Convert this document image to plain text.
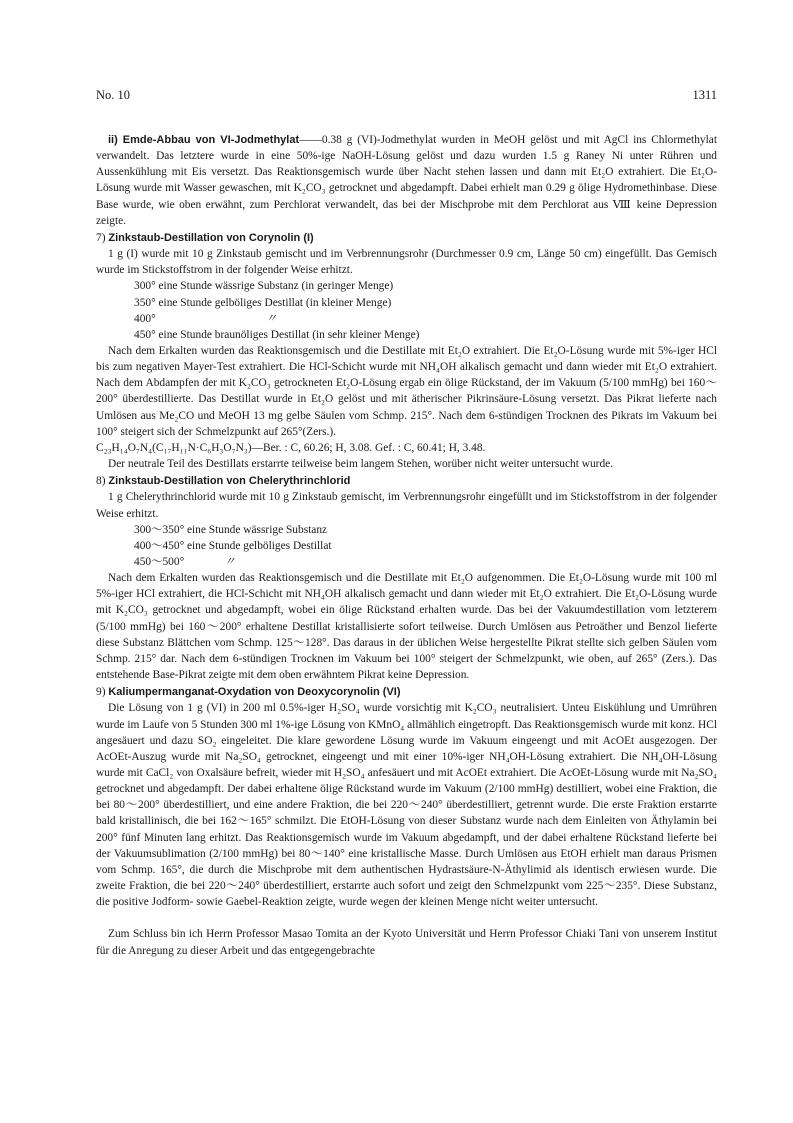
No. 10	1311

ii) Emde-Abbau von VI-Jodmethylat——0.38 g (VI)-Jodmethylat wurden in MeOH gelöst und mit AgCl ins Chlormethylat verwandelt. Das letztere wurde in eine 50%-ige NaOH-Lösung gelöst und dazu wurden 1.5 g Raney Ni unter Rühren und Aussenkühlung mit Eis versetzt. Das Reaktionsgemisch wurde über Nacht stehen lassen und dann mit Et₂O extrahiert. Die Et₂O-Lösung wurde mit Wasser gewaschen, mit K₂CO₃ getrocknet und abgedampft. Dabei erhielt man 0.29 g ölige Hydromethinbase. Diese Base wurde, wie oben erwähnt, zum Perchlorat verwandelt, das bei der Mischprobe mit dem Perchlorat aus Ⅷ keine Depression zeigte.

7) Zinkstaub-Destillation von Corynolin (I)

1 g (I) wurde mit 10 g Zinkstaub gemischt und im Verbrennungsrohr (Durchmesser 0.9 cm, Länge 50 cm) eingefüllt. Das Gemisch wurde im Stickstoffstrom in der folgender Weise erhitzt.

300° eine Stunde wässrige Substanz (in geringer Menge)
350° eine Stunde gelböliges Destillat (in kleiner Menge)
400°	〃
450° eine Stunde braunöliges Destillat (in sehr kleiner Menge)

Nach dem Erkalten wurden das Reaktionsgemisch und die Destillate mit Et₂O extrahiert. Die Et₂O-Lösung wurde mit 5%-iger HCl bis zum negativen Mayer-Test extrahiert. Die HCl-Schicht wurde mit NH₄OH alkalisch gemacht und dann wieder mit Et₂O extrahiert. Nach dem Abdampfen der mit K₂CO₃ getrockneten Et₂O-Lösung ergab ein ölige Rückstand, der im Vakuum (5/100 mmHg) bei 160～200° überdestillierte. Das Destillat wurde in Et₂O gelöst und mit ätherischer Pikrinsäure-Lösung versetzt. Das Pikrat lieferte nach Umlösen aus Me₂CO und MeOH 13 mg gelbe Säulen vom Schmp. 215°. Nach dem 6-stündigen Trocknen des Pikrats im Vakuum bei 100° steigert sich der Schmelzpunkt auf 265°(Zers.).

C₂₃H₁₄O₇N₄(C₁₇H₁₁N·C₆H₃O₇N₃)—Ber. : C, 60.26; H, 3.08. Gef. : C, 60.41; H, 3.48.

Der neutrale Teil des Destillats erstarrte teilweise beim langem Stehen, worüber nicht weiter untersucht wurde.

8) Zinkstaub-Destillation von Chelerythrinchlorid

1 g Chelerythrinchlorid wurde mit 10 g Zinkstaub gemischt, im Verbrennungsrohr eingefüllt und im Stickstoffstrom in der folgender Weise erhitzt.

300～350° eine Stunde wässrige Substanz
400～450° eine Stunde gelböliges Destillat
450～500°	〃

Nach dem Erkalten wurden das Reaktionsgemisch und die Destillate mit Et₂O aufgenommen. Die Et₂O-Lösung wurde mit 100 ml 5%-iger HCl extrahiert, die HCl-Schicht mit NH₄OH alkalisch gemacht und dann wieder mit Et₂O extrahiert. Die Et₂O-Lösung wurde mit K₂CO₃ getrocknet und abgedampft, wobei ein ölige Rückstand erhalten wurde. Das bei der Vakuumdestillation vom letzterem (5/100 mmHg) bei 160～200° erhaltene Destillat kristallisierte sofort teilweise. Durch Umlösen aus Petroäther und Benzol lieferte diese Substanz Blättchen vom Schmp. 125～128°. Das daraus in der üblichen Weise hergestellte Pikrat stellte sich gelben Säulen vom Schmp. 215° dar. Nach dem 6-stündigen Trocknen im Vakuum bei 100° steigert der Schmelzpunkt, wie oben, auf 265° (Zers.). Das entstehende Base-Pikrat zeigte mit dem oben erwähntem Pikrat keine Depression.

9) Kaliumpermanganat-Oxydation von Deoxycorynolin (VI)

Die Lösung von 1 g (VI) in 200 ml 0.5%-iger H₂SO₄ wurde vorsichtig mit K₂CO₃ neutralisiert. Unteu Eiskühlung und Umrühren wurde im Laufe von 5 Stunden 300 ml 1%-ige Lösung von KMnO₄ allmählich eingetropft. Das Reaktionsgemisch wurde mit konz. HCl angesäuert und dazu SO₂ eingeleitet. Die klare gewordene Lösung wurde im Vakuum eingeengt und mit AcOEt ausgezogen. Der AcOEt-Auszug wurde mit Na₂SO₄ getrocknet, eingeengt und mit einer 10%-iger NH₄OH-Lösung extrahiert. Die NH₄OH-Lösung wurde mit CaCl₂ von Oxalsäure befreit, wieder mit H₂SO₄ anfesäuert und mit AcOEt extrahiert. Die AcOEt-Lösung wurde mit Na₂SO₄ getrocknet und abgedampft. Der dabei erhaltene ölige Rückstand wurde im Vakuum (2/100 mmHg) destilliert, wobei eine Fraktion, die bei 80～200° überdestilliert, und eine andere Fraktion, die bei 220～240° überdestilliert, getrennt wurde. Die erste Fraktion erstarrte bald kristallinisch, die bei 162～165° schmilzt. Die EtOH-Lösung von dieser Substanz wurde nach dem Einleiten von Äthylamin bei 200° fünf Minuten lang erhitzt. Das Reaktionsgemisch wurde im Vakuum abgedampft, und der dabei erhaltene Rückstand lieferte bei der Vakuumsublimation (2/100 mmHg) bei 80～140° eine kristallische Masse. Durch Umlösen aus EtOH erhielt man daraus Prismen vom Schmp. 165°, die durch die Mischprobe mit dem authentischen Hydrastsäure-N-Äthylimid als identisch erwiesen wurde. Die zweite Fraktion, die bei 220～240° überdestilliert, erstarrte auch sofort und zeigt den Schmelzpunkt vom 225～235°. Diese Substanz, die positive Jodform- sowie Gaebel-Reaktion zeigte, wurde wegen der kleinen Menge nicht weiter untersucht.

Zum Schluss bin ich Herrn Professor Masao Tomita an der Kyoto Universität und Herrn Professor Chiaki Tani von unserem Institut für die Anregung zu dieser Arbeit und das entgegengebrachte
